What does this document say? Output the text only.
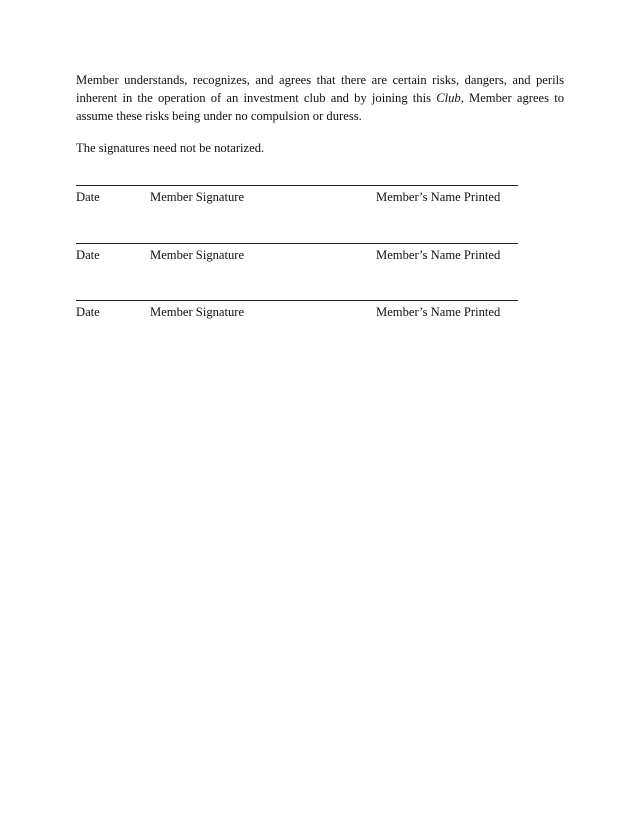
Member understands, recognizes, and agrees that there are certain risks, dangers, and perils inherent in the operation of an investment club and by joining this Club, Member agrees to assume these risks being under no compulsion or duress.

The signatures need not be notarized.

Date	Member Signature	Member’s Name Printed
Date	Member Signature	Member’s Name Printed
Date	Member Signature	Member’s Name Printed
